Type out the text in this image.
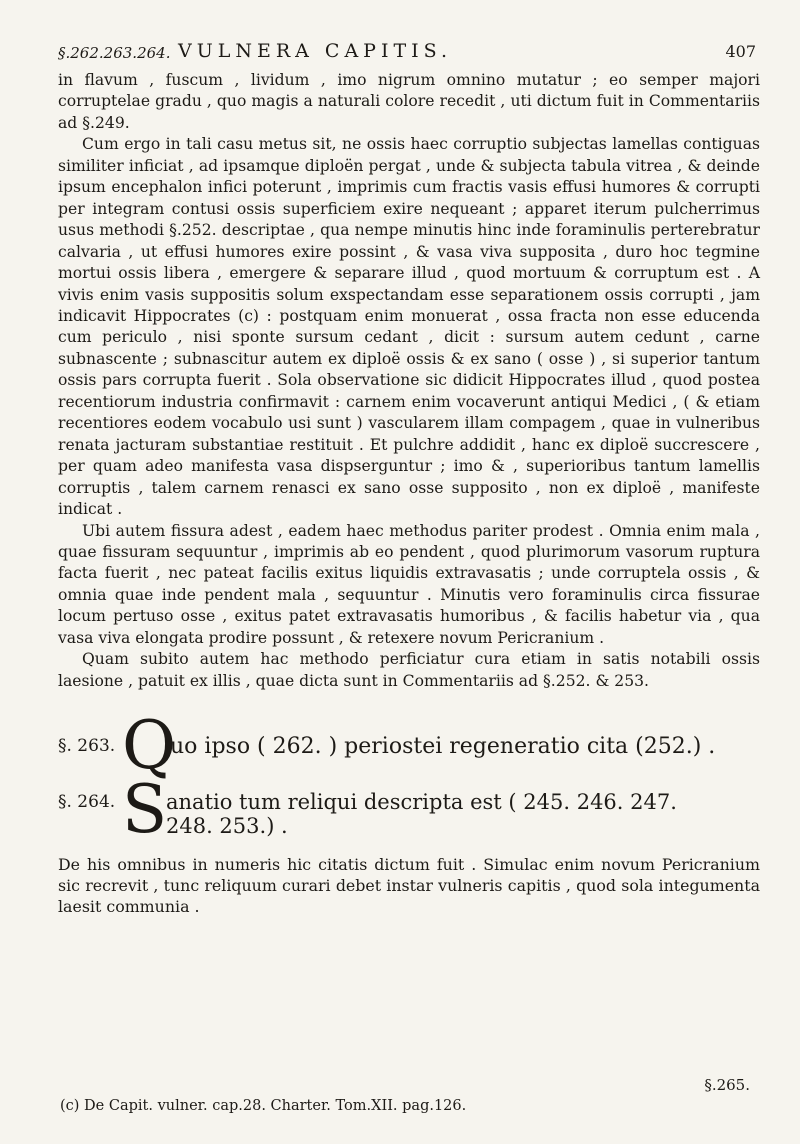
§.262.263.264. VULNERA CAPITIS.	407

in flavum , fuscum , lividum , imo nigrum omnino mutatur ; eo semper majori corruptelae gradu , quo magis a naturali colore recedit , uti dictum fuit in Commentariis ad §.249.

Cum ergo in tali casu metus sit, ne ossis haec corruptio subjectas lamellas contiguas similiter inficiat , ad ipsamque diploën pergat , unde & subjecta tabula vitrea , & deinde ipsum encephalon infici poterunt , imprimis cum fractis vasis effusi humores & corrupti per integram contusi ossis superficiem exire nequeant ; apparet iterum pulcherrimus usus methodi §.252. descriptae , qua nempe minutis hinc inde foraminulis perterebratur calvaria , ut effusi humores exire possint , & vasa viva supposita , duro hoc tegmine mortui ossis libera , emergere & separare illud , quod mortuum & corruptum est . A vivis enim vasis suppositis solum exspectandam esse separationem ossis corrupti , jam indicavit Hippocrates (c) : postquam enim monuerat , ossa fracta non esse educenda cum periculo , nisi sponte sursum cedant , dicit : sursum autem cedunt , carne subnascente ; subnascitur autem ex diploë ossis & ex sano ( osse ) , si superior tantum ossis pars corrupta fuerit . Sola observatione sic didicit Hippocrates illud , quod postea recentiorum industria confirmavit : carnem enim vocaverunt antiqui Medici , ( & etiam recentiores eodem vocabulo usi sunt ) vascularem illam compagem , quae in vulneribus renata jacturam substantiae restituit . Et pulchre addidit , hanc ex diploë succrescere , per quam adeo manifesta vasa dispserguntur ; imo & , superioribus tantum lamellis corruptis , talem carnem renasci ex sano osse supposito , non ex diploë , manifeste indicat .

Ubi autem fissura adest , eadem haec methodus pariter prodest . Omnia enim mala , quae fissuram sequuntur , imprimis ab eo pendent , quod plurimorum vasorum ruptura facta fuerit , nec pateat facilis exitus liquidis extravasatis ; unde corruptela ossis , & omnia quae inde pendent mala , sequuntur . Minutis vero foraminulis circa fissurae locum pertuso osse , exitus patet extravasatis humoribus , & facilis habetur via , qua vasa viva elongata prodire possunt , & retexere novum Pericranium .

Quam subito autem hac methodo perficiatur cura etiam in satis notabili ossis laesione , patuit ex illis , quae dicta sunt in Commentariis ad §.252. & 253.

§. 263. Q
uo ipso ( 262. ) periostei regeneratio cita (252.) .
§. 264. S
anatio tum reliqui descripta est ( 245. 246. 247. 248. 253.) .
De his omnibus in numeris hic citatis dictum fuit . Simulac enim novum Pericranium sic recrevit , tunc reliquum curari debet instar vulneris capitis , quod sola integumenta laesit communia .
§.265.
(c) De Capit. vulner. cap.28. Charter. Tom.XII. pag.126.
